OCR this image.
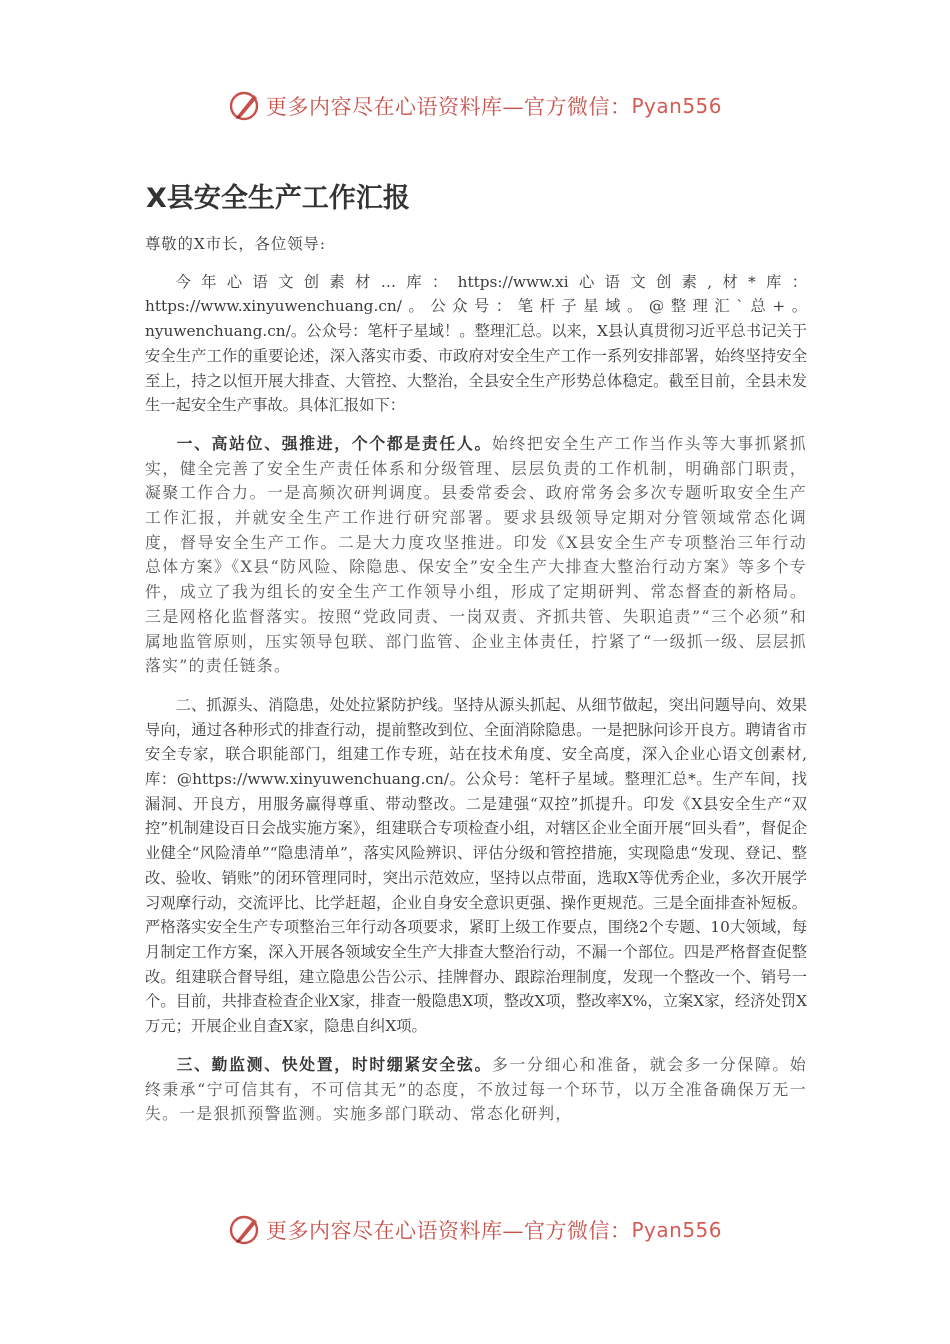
更多内容尽在心语资料库—官方微信： Pyan556
X县安全生产工作汇报

尊敬的X市长，各位领导:

今年心语文创素材…库：https://www.xi心语文创素,材*库：https://www.xinyuwenchuang.cn/。公众号：笔杆子星域。@整理汇`总+。nyuwenchuang.cn/。公众号：笔杆子星域！。整理汇总。以来，X县认真贯彻习近平总书记关于安全生产工作的重要论述，深入落实市委、市政府对安全生产工作一系列安排部署，始终坚持安全至上，持之以恒开展大排查、大管控、大整治，全县安全生产形势总体稳定。截至目前，全县未发生一起安全生产事故。具体汇报如下：

一、高站位、强推进，个个都是责任人。始终把安全生产工作当作头等大事抓紧抓实，健全完善了安全生产责任体系和分级管理、层层负责的工作机制，明确部门职责，凝聚工作合力。一是高频次研判调度。县委常委会、政府常务会多次专题听取安全生产工作汇报，并就安全生产工作进行研究部署。要求县级领导定期对分管领域常态化调度，督导安全生产工作。二是大力度攻坚推进。印发《X县安全生产专项整治三年行动总体方案》《X县“防风险、除隐患、保安全”安全生产大排查大整治行动方案》等多个专件，成立了我为组长的安全生产工作领导小组，形成了定期研判、常态督查的新格局。三是网格化监督落实。按照“党政同责、一岗双责、齐抓共管、失职追责”“三个必须”和属地监管原则，压实领导包联、部门监管、企业主体责任，拧紧了“一级抓一级、层层抓落实”的责任链条。

二、抓源头、消隐患，处处拉紧防护线。坚持从源头抓起、从细节做起，突出问题导向、效果导向，通过各种形式的排查行动，提前整改到位、全面消除隐患。一是把脉问诊开良方。聘请省市安全专家，联合职能部门，组建工作专班，站在技术角度、安全高度，深入企业心语文创素材,库：@https://www.xinyuwenchuang.cn/。公众号：笔杆子星域。整理汇总*。生产车间，找漏洞、开良方，用服务赢得尊重、带动整改。二是建强“双控”抓提升。印发《X县安全生产“双控”机制建设百日会战实施方案》，组建联合专项检查小组，对辖区企业全面开展“回头看”，督促企业健全“风险清单”“隐患清单”，落实风险辨识、评估分级和管控措施，实现隐患“发现、登记、整改、验收、销账”的闭环管理同时，突出示范效应，坚持以点带面，选取X等优秀企业，多次开展学习观摩行动，交流评比、比学赶超，企业自身安全意识更强、操作更规范。三是全面排查补短板。严格落实安全生产专项整治三年行动各项要求，紧盯上级工作要点，围绕2个专题、10大领域，每月制定工作方案，深入开展各领域安全生产大排查大整治行动，不漏一个部位。四是严格督查促整改。组建联合督导组，建立隐患公告公示、挂牌督办、跟踪治理制度，发现一个整改一个、销号一个。目前，共排查检查企业X家，排查一般隐患X项，整改X项，整改率X%，立案X家，经济处罚X万元；开展企业自查X家，隐患自纠X项。

三、勤监测、快处置，时时绷紧安全弦。多一分细心和准备，就会多一分保障。始终秉承“宁可信其有，不可信其无”的态度，不放过每一个环节，以万全准备确保万无一失。一是狠抓预警监测。实施多部门联动、常态化研判，

更多内容尽在心语资料库—官方微信： Pyan556
